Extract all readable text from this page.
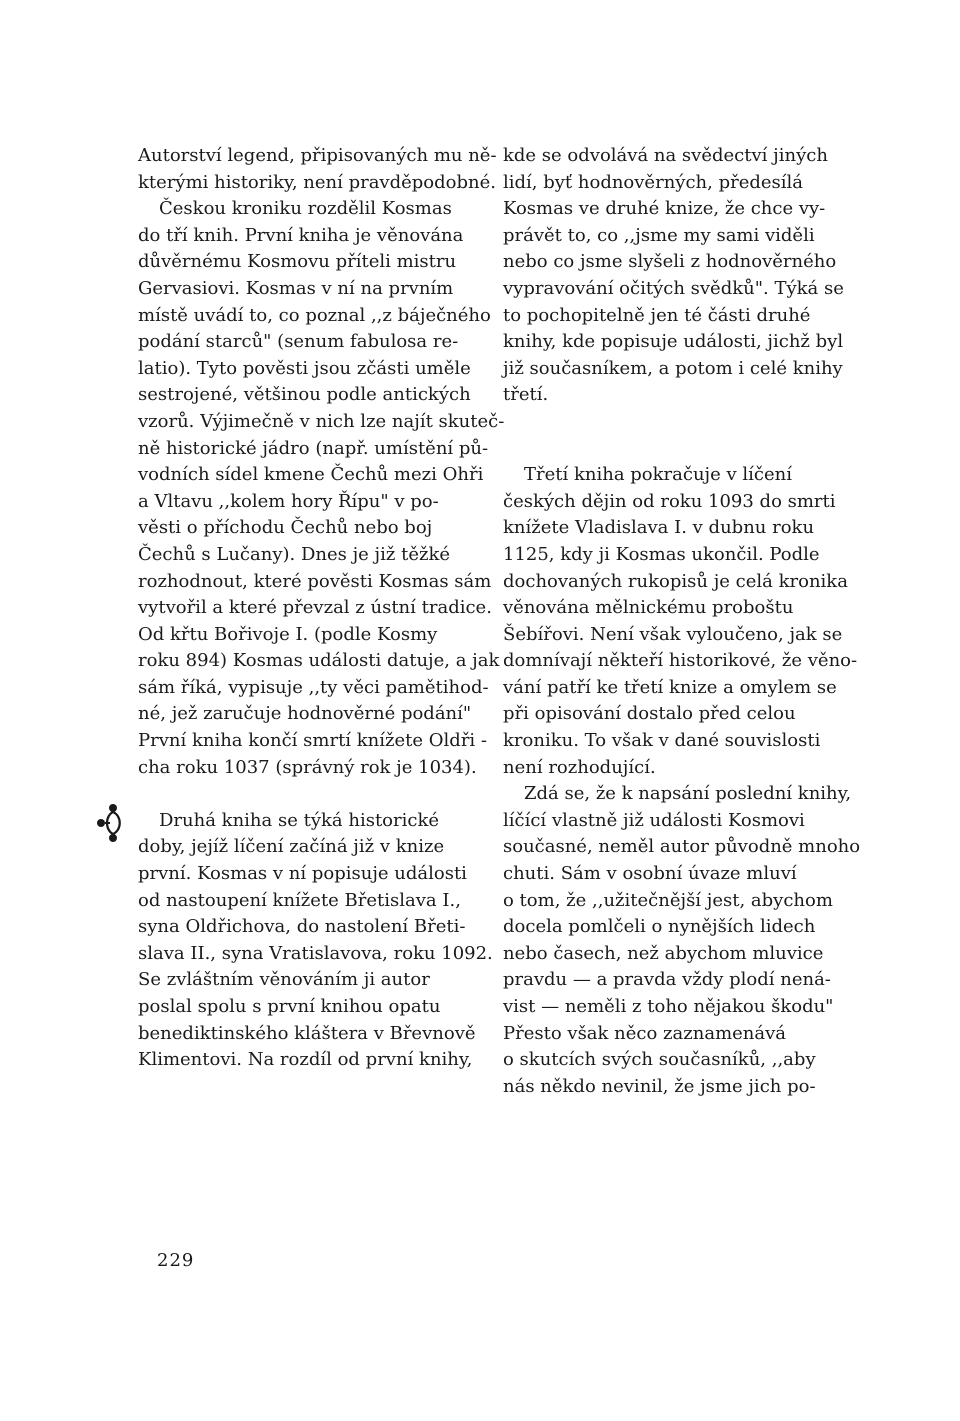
Autorství legend, připisovaných mu ně-
kterými historiky, není pravděpodobné.
Českou kroniku rozdělil Kosmas
do tří knih. První kniha je věnována
důvěrnému Kosmovu příteli mistru
Gervasiovi. Kosmas v ní na prvním
místě uvádí to, co poznal ,,z báječného
podání starců" (senum fabulosa re-
latio). Tyto pověsti jsou zčásti uměle
sestrojené, většinou podle antických
vzorů. Výjimečně v nich lze najít skuteč-
ně historické jádro (např. umístění pů-
vodních sídel kmene Čechů mezi Ohři
a Vltavu ,,kolem hory Řípu" v po-
věsti o příchodu Čechů nebo boj
Čechů s Lučany). Dnes je již těžké
rozhodnout, které pověsti Kosmas sám
vytvořil a které převzal z ústní tradice.
Od křtu Bořivoje I. (podle Kosmy
roku 894) Kosmas události datuje, a jak
sám říká, vypisuje ,,ty věci pamětihod-
né, jež zaručuje hodnověrné podání"
První kniha končí smrtí knížete Oldři -
cha roku 1037 (správný rok je 1034).
Druhá kniha se týká historické
doby, jejíž líčení začíná již v knize
první. Kosmas v ní popisuje události
od nastoupení knížete Břetislava I.,
syna Oldřichova, do nastolení Břeti-
slava II., syna Vratislavova, roku 1092.
Se zvláštním věnováním ji autor
poslal spolu s první knihou opatu
benediktinského kláštera v Břevnově
Klimentovi. Na rozdíl od první knihy,
kde se odvolává na svědectví jiných
lidí, byť hodnověrných, předesílá
Kosmas ve druhé knize, že chce vy-
právět to, co ,,jsme my sami viděli
nebo co jsme slyšeli z hodnověrného
vypravování očitých svědků". Týká se
to pochopitelně jen té části druhé
knihy, kde popisuje události, jichž byl
již současníkem, a potom i celé knihy
třetí.
Třetí kniha pokračuje v líčení
českých dějin od roku 1093 do smrti
knížete Vladislava I. v dubnu roku
1125, kdy ji Kosmas ukončil. Podle
dochovaných rukopisů je celá kronika
věnována mělnickému proboštu
Šebířovi. Není však vyloučeno, jak se
domnívají někteří historikové, že věno-
vání patří ke třetí knize a omylem se
při opisování dostalo před celou
kroniku. To však v dané souvislosti
není rozhodující.
Zdá se, že k napsání poslední knihy,
líčící vlastně již události Kosmovi
současné, neměl autor původně mnoho
chuti. Sám v osobní úvaze mluví
o tom, že ,,užitečnější jest, abychom
docela pomlčeli o nynějších lidech
nebo časech, než abychom mluvice
pravdu — a pravda vždy plodí nená-
vist — neměli z toho nějakou škodu"
Přesto však něco zaznamenává
o skutcích svých současníků, ,,aby
nás někdo nevinil, že jsme jich po-
229
